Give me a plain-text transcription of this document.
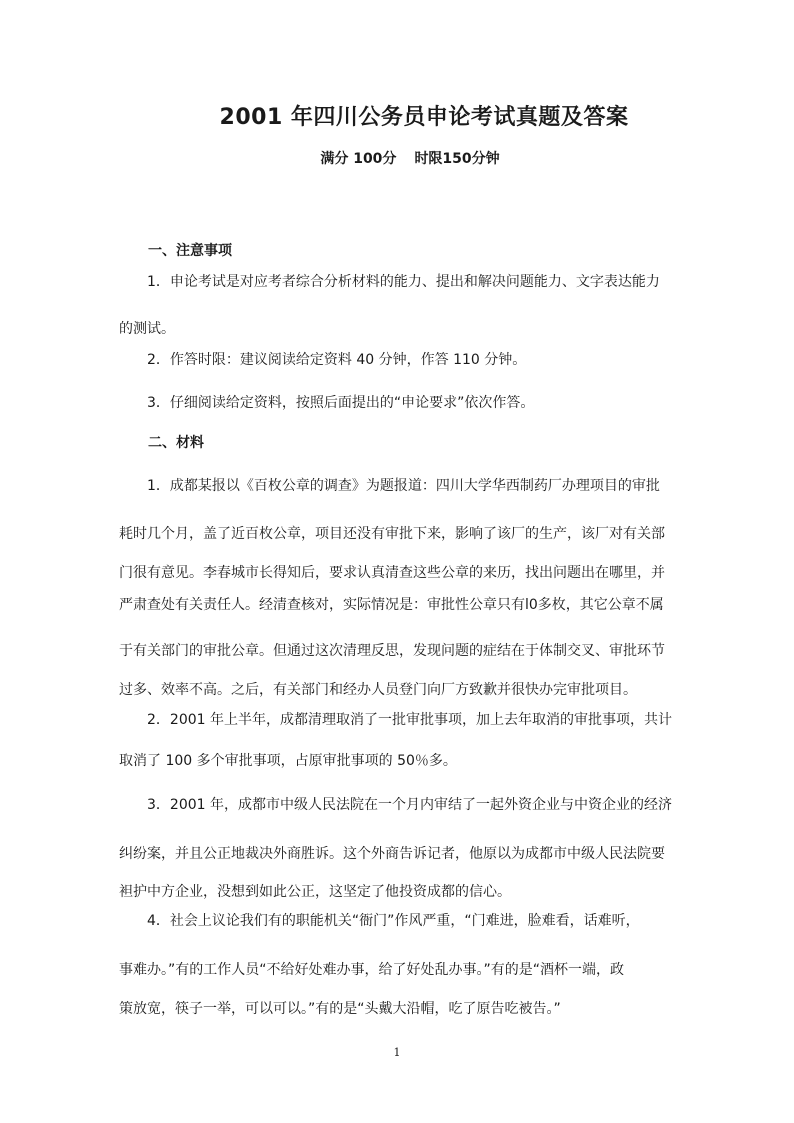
2001 年四川公务员申论考试真题及答案
满分 100分 时限150分钟
一、注意事项
　　1．申论考试是对应考者综合分析材料的能力、提出和解决问题能力、文字表达能力
的测试。
　　2．作答时限：建议阅读给定资料 40 分钟，作答 110 分钟。
　　3．仔细阅读给定资料，按照后面提出的“申论要求”依次作答。
二、材料
　　1．成都某报以《百枚公章的调查》为题报道：四川大学华西制药厂办理项目的审批
耗时几个月，盖了近百枚公章，项目还没有审批下来，影响了该厂的生产，该厂对有关部
门很有意见。李春城市长得知后，要求认真清查这些公章的来历，找出问题出在哪里，并
严肃查处有关责任人。经清查核对，实际情况是：审批性公章只有l0多枚，其它公章不属
于有关部门的审批公章。但通过这次清理反思，发现问题的症结在于体制交叉、审批环节
过多、效率不高。之后，有关部门和经办人员登门向厂方致歉并很快办完审批项目。
　　2．2001 年上半年，成都清理取消了一批审批事项，加上去年取消的审批事项，共计
取消了 100 多个审批事项，占原审批事项的 50％多。
　　3．2001 年，成都市中级人民法院在一个月内审结了一起外资企业与中资企业的经济
纠纷案，并且公正地裁决外商胜诉。这个外商告诉记者，他原以为成都市中级人民法院要
袒护中方企业，没想到如此公正，这坚定了他投资成都的信心。
　　4．社会上议论我们有的职能机关“衙门”作风严重，“门难进，脸难看，话难听，
事难办。”有的工作人员“不给好处难办事，给了好处乱办事。”有的是“酒杯一端，政
策放宽，筷子一举，可以可以。”有的是“头戴大沿帽，吃了原告吃被告。”
1
